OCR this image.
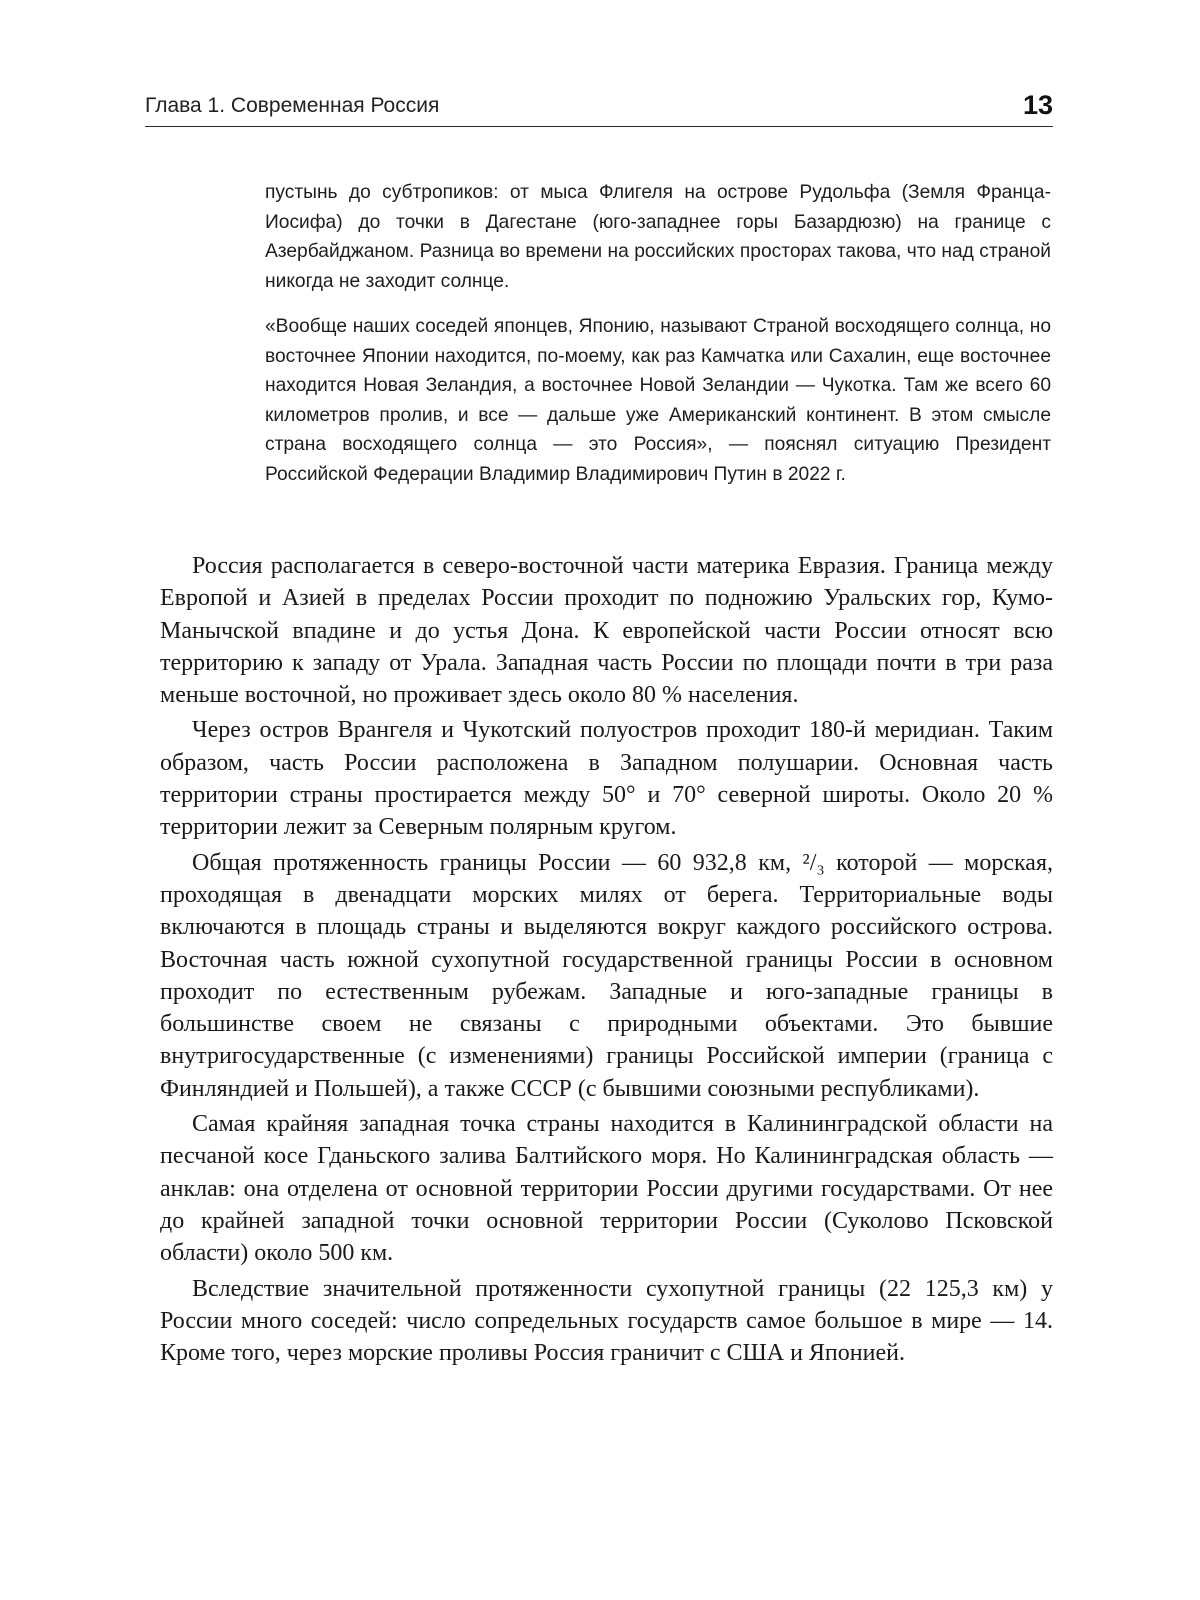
Глава 1. Современная Россия	13

пустынь до субтропиков: от мыса Флигеля на острове Рудольфа (Земля Франца-Иосифа) до точки в Дагестане (юго-западнее горы Базардюзю) на границе с Азербайджаном. Разница во времени на российских просторах такова, что над страной никогда не заходит солнце.

«Вообще наших соседей японцев, Японию, называют Страной восходящего солнца, но восточнее Японии находится, по-моему, как раз Камчатка или Сахалин, еще восточнее находится Новая Зеландия, а восточнее Новой Зеландии — Чукотка. Там же всего 60 километров пролив, и все — дальше уже Американский континент. В этом смысле страна восходящего солнца — это Россия», — пояснял ситуацию Президент Российской Федерации Владимир Владимирович Путин в 2022 г.

Россия располагается в северо-восточной части материка Евразия. Граница между Европой и Азией в пределах России проходит по подножию Уральских гор, Кумо-Манычской впадине и до устья Дона. К европейской части России относят всю территорию к западу от Урала. Западная часть России по площади почти в три раза меньше восточной, но проживает здесь около 80 % населения.

Через остров Врангеля и Чукотский полуостров проходит 180-й меридиан. Таким образом, часть России расположена в Западном полушарии. Основная часть территории страны простирается между 50° и 70° северной широты. Около 20 % территории лежит за Северным полярным кругом.

Общая протяженность границы России — 60 932,8 км, ²/₃ которой — морская, проходящая в двенадцати морских милях от берега. Территориальные воды включаются в площадь страны и выделяются вокруг каждого российского острова. Восточная часть южной сухопутной государственной границы России в основном проходит по естественным рубежам. Западные и юго-западные границы в большинстве своем не связаны с природными объектами. Это бывшие внутригосударственные (с изменениями) границы Российской империи (граница с Финляндией и Польшей), а также СССР (с бывшими союзными республиками).

Самая крайняя западная точка страны находится в Калининградской области на песчаной косе Гданьского залива Балтийского моря. Но Калининградская область — анклав: она отделена от основной территории России другими государствами. От нее до крайней западной точки основной территории России (Суколово Псковской области) около 500 км.

Вследствие значительной протяженности сухопутной границы (22 125,3 км) у России много соседей: число сопредельных государств самое большое в мире — 14. Кроме того, через морские проливы Россия граничит с США и Японией.
